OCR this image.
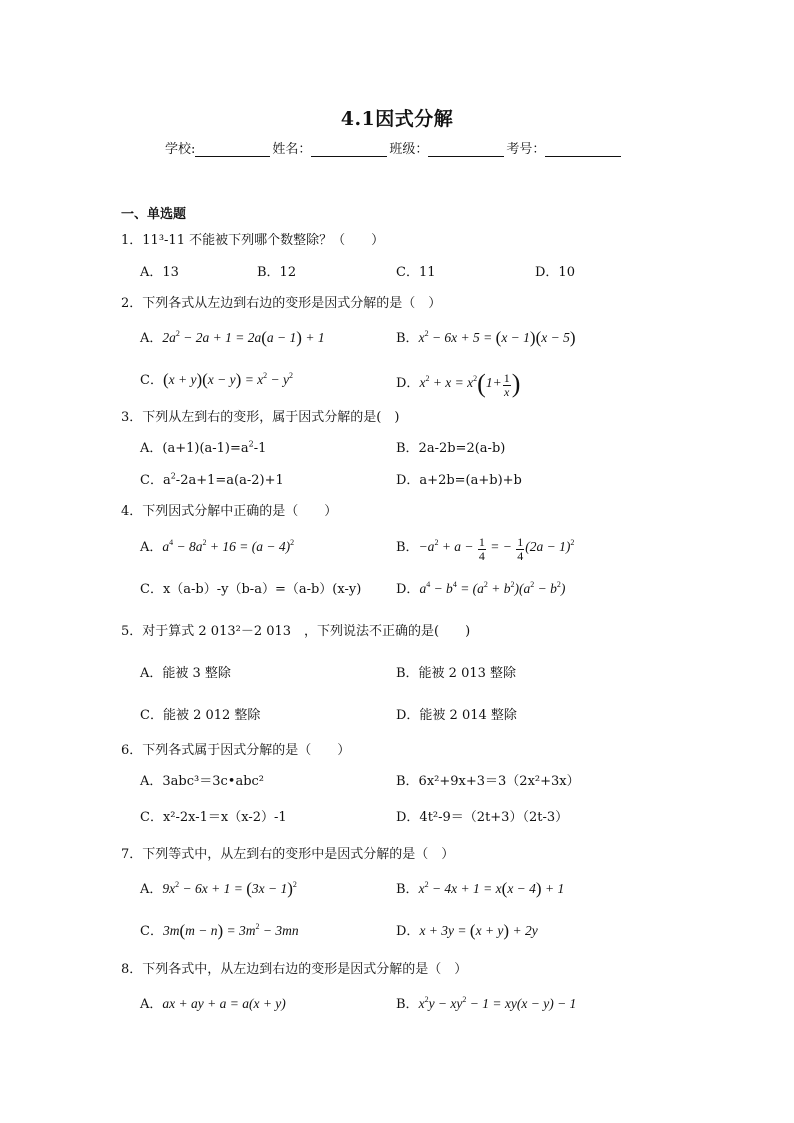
4.1因式分解
学校:	姓名：	班级：	考号：
一、单选题
1．11³-11 不能被下列哪个数整除？（　　）
A．13	B．12	C．11	D．10
2．下列各式从左边到右边的变形是因式分解的是（　）
A．$2a^2 - 2a + 1 = 2a(a - 1) + 1$	B．$x^2 - 6x + 5 = (x - 1)(x - 5)$
C．$(x + y)(x - y) = x^2 - y^2$
D．$x^2 + x = x^2(1+ \frac{1}{x}$ )
3．下列从左到右的变形，属于因式分解的是(　)
A．$(a+1)(a-1)=a^2-1$	B．2a-2b=2(a-b)
C．$a^2-2a+1=a(a-2)+1$	D．a+2b=(a+b)+b
4．下列因式分解中正确的是（　　）
A．$a^4 - 8a^2 + 16 = (a - 4)^2$	B．$-a^2 + a - \frac{1}{4}$ = − $\frac{1}{4} (2a - 1)^2$
C．x（a-b）-y（b-a）=（a-b）(x-y)	D．$a^4 - b^4 = (a^2 + b^2)(a^2 - b^2)$
5．对于算式 2 013²－2 013　，下列说法不正确的是(　　)
A．能被 3 整除	B．能被 2 013 整除
C．能被 2 012 整除	D．能被 2 014 整除
6．下列各式属于因式分解的是（　　）
A．3abc³＝3c•abc²	B．6x²+9x+3＝3（2x²+3x）
C．x²-2x-1＝x（x-2）-1	D．4t²-9＝（2t+3）（2t-3）
7．下列等式中，从左到右的变形中是因式分解的是（　）
A．$9x^2 - 6x + 1 = (3x - 1)^2$	B．$x^2 - 4x + 1 = x(x - 4) + 1$
C．$3m(m - n) = 3m^2 - 3mn$	D．x + 3y = (x + y) + 2y
8．下列各式中，从左边到右边的变形是因式分解的是（　）
A．ax + ay + a = a(x + y)	B．$x^2y - xy^2 - 1 = xy(x - y) - 1$
